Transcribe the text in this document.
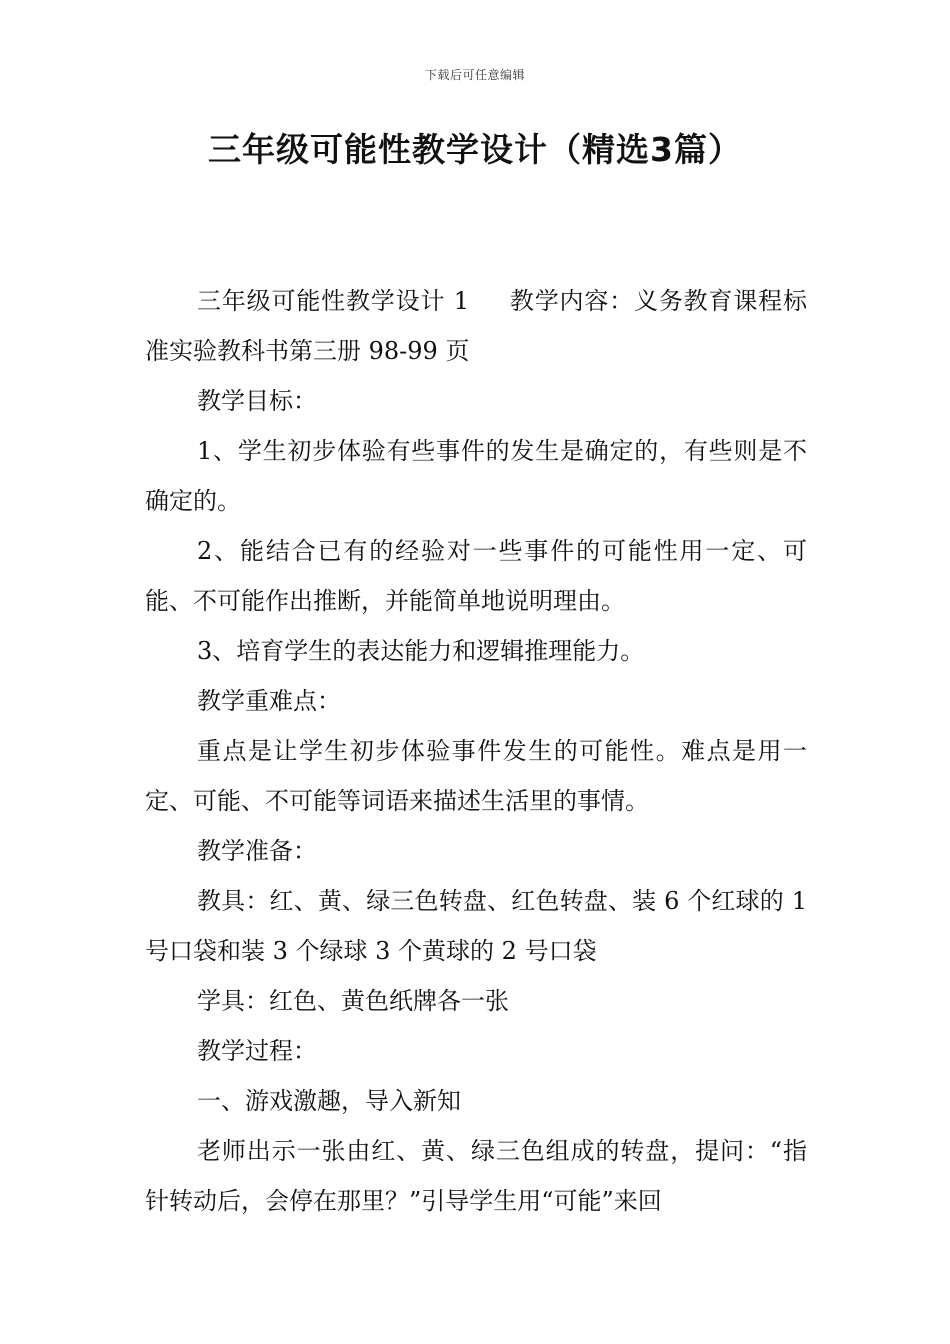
下载后可任意编辑
三年级可能性教学设计（精选3篇）

三年级可能性教学设计 1 教学内容：义务教育课程标准实验教科书第三册 98-99 页

教学目标：

1、学生初步体验有些事件的发生是确定的，有些则是不确定的。

2、能结合已有的经验对一些事件的可能性用一定、可能、不可能作出推断，并能简单地说明理由。

3、培育学生的表达能力和逻辑推理能力。

教学重难点：

重点是让学生初步体验事件发生的可能性。难点是用一定、可能、不可能等词语来描述生活里的事情。

教学准备：

教具：红、黄、绿三色转盘、红色转盘、装 6 个红球的 1 号口袋和装 3 个绿球 3 个黄球的 2 号口袋

学具：红色、黄色纸牌各一张

教学过程：

一、游戏激趣，导入新知

老师出示一张由红、黄、绿三色组成的转盘，提问：“指针转动后，会停在那里？”引导学生用“可能”来回
